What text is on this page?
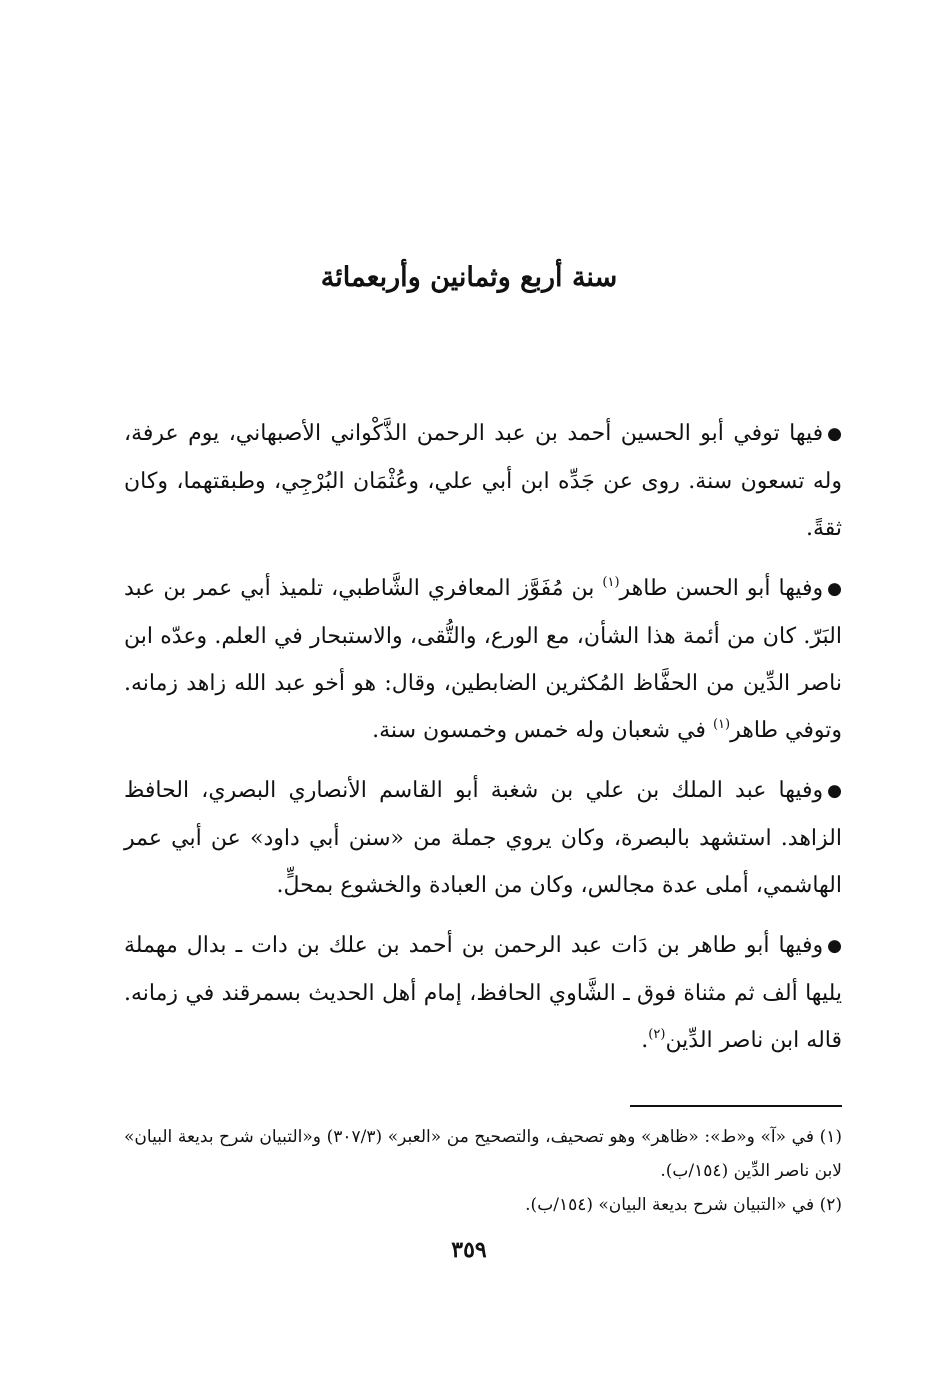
سنة أربع وثمانين وأربعمائة

●فيها توفي أبو الحسين أحمد بن عبد الرحمن الذَّكْواني الأصبهاني، يوم عرفة، وله تسعون سنة. روى عن جَدِّه ابن أبي علي، وعُثْمَان البُرْجِي، وطبقتهما، وكان ثقةً.

●وفيها أبو الحسن طاهر$^{(١)}$ بن مُفَوَّز المعافري الشَّاطبي، تلميذ أبي عمر بن عبد البَرّ. كان من أئمة هذا الشأن، مع الورع، والتُّقى، والاستبحار في العلم. وعدّه ابن ناصر الدِّين من الحفَّاظ المُكثرين الضابطين، وقال: هو أخو عبد الله زاهد زمانه. وتوفي طاهر$^{(١)}$ في شعبان وله خمس وخمسون سنة.

●وفيها عبد الملك بن علي بن شغبة أبو القاسم الأنصاري البصري، الحافظ الزاهد. استشهد بالبصرة، وكان يروي جملة من «سنن أبي داود» عن أبي عمر الهاشمي، أملى عدة مجالس، وكان من العبادة والخشوع بمحلٍّ.

●وفيها أبو طاهر بن دَات عبد الرحمن بن أحمد بن علك بن دات ـ بدال مهملة يليها ألف ثم مثناة فوق ـ الشَّاوي الحافظ، إمام أهل الحديث بسمرقند في زمانه. قاله ابن ناصر الدِّين$^{(٢)}$.

(١) في «آ» و«ط»: «ظاهر» وهو تصحيف، والتصحيح من «العبر» (٣٠٧/٣) و«التبيان شرح بديعة البيان» لابن ناصر الدِّين (١٥٤/ب).

(٢) في «التبيان شرح بديعة البيان» (١٥٤/ب).

٣٥٩
